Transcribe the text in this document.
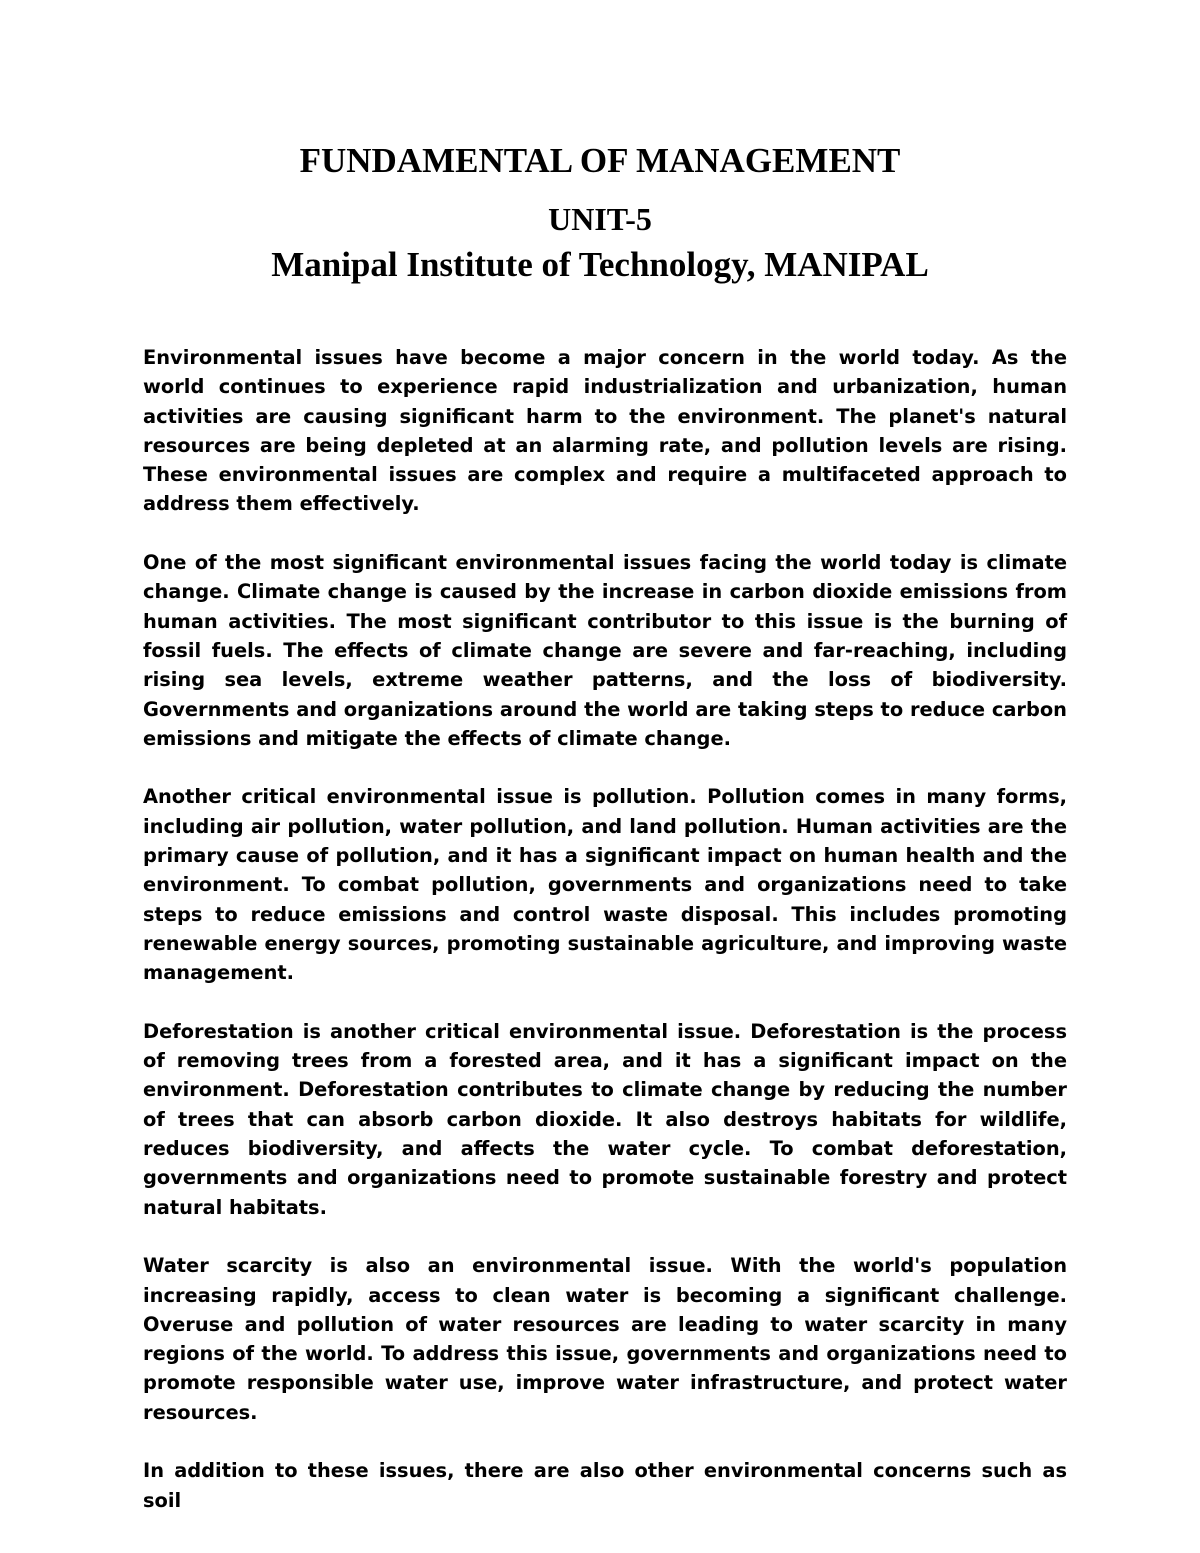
FUNDAMENTAL OF MANAGEMENT
UNIT-5
Manipal Institute of Technology, MANIPAL

Environmental issues have become a major concern in the world today. As the world continues to experience rapid industrialization and urbanization, human activities are causing significant harm to the environment. The planet's natural resources are being depleted at an alarming rate, and pollution levels are rising. These environmental issues are complex and require a multifaceted approach to address them effectively.

One of the most significant environmental issues facing the world today is climate change. Climate change is caused by the increase in carbon dioxide emissions from human activities. The most significant contributor to this issue is the burning of fossil fuels. The effects of climate change are severe and far-reaching, including rising sea levels, extreme weather patterns, and the loss of biodiversity. Governments and organizations around the world are taking steps to reduce carbon emissions and mitigate the effects of climate change.

Another critical environmental issue is pollution. Pollution comes in many forms, including air pollution, water pollution, and land pollution. Human activities are the primary cause of pollution, and it has a significant impact on human health and the environment. To combat pollution, governments and organizations need to take steps to reduce emissions and control waste disposal. This includes promoting renewable energy sources, promoting sustainable agriculture, and improving waste management.

Deforestation is another critical environmental issue. Deforestation is the process of removing trees from a forested area, and it has a significant impact on the environment. Deforestation contributes to climate change by reducing the number of trees that can absorb carbon dioxide. It also destroys habitats for wildlife, reduces biodiversity, and affects the water cycle. To combat deforestation, governments and organizations need to promote sustainable forestry and protect natural habitats.

Water scarcity is also an environmental issue. With the world's population increasing rapidly, access to clean water is becoming a significant challenge. Overuse and pollution of water resources are leading to water scarcity in many regions of the world. To address this issue, governments and organizations need to promote responsible water use, improve water infrastructure, and protect water resources.

In addition to these issues, there are also other environmental concerns such as soil
